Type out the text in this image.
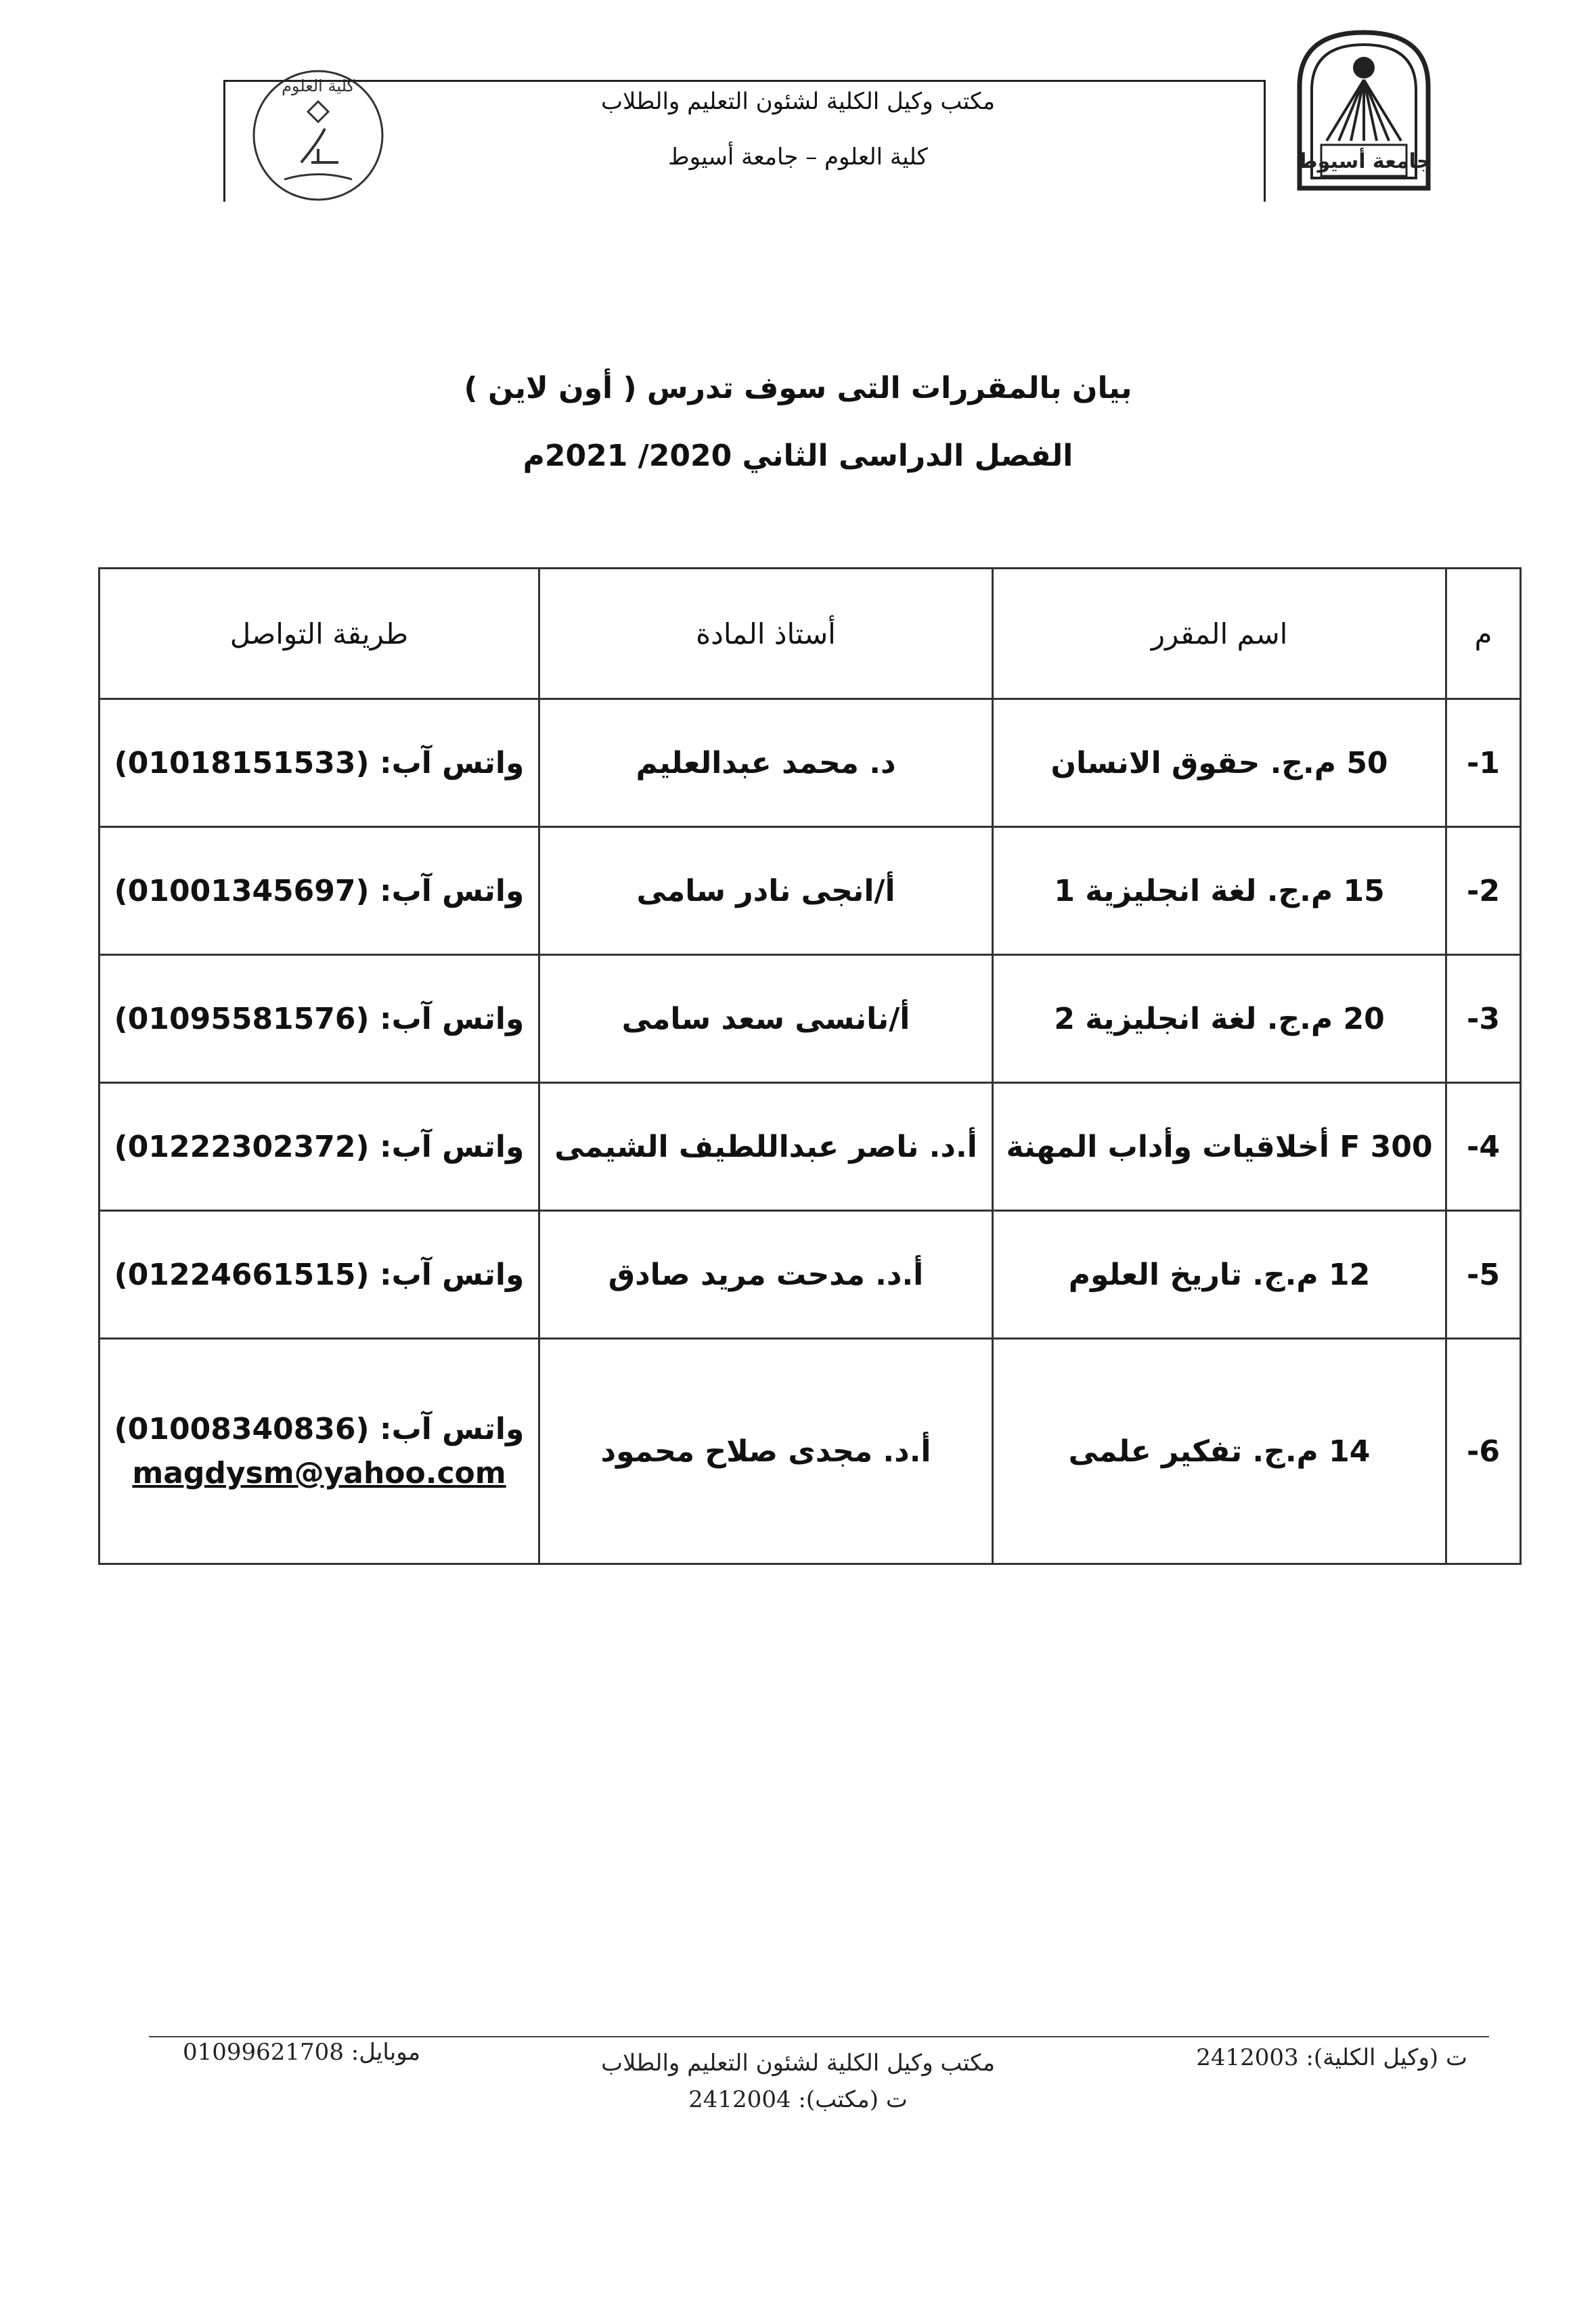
جامعة أسيوط
كلية العلوم
مكتب وكيل الكلية لشئون التعليم والطلاب
كلية العلوم – جامعة أسيوط
بيان بالمقررات التى سوف تدرس ( أون لاين )
الفصل الدراسى الثاني 2020/ 2021م
م	اسم المقرر	أستاذ المادة	طريقة التواصل
1-	50 م.ج. حقوق الانسان	د. محمد عبدالعليم	واتس آب: (01018151533)
2-	15 م.ج. لغة انجليزية 1	أ/انجى نادر سامى	واتس آب: (01001345697)
3-	20 م.ج. لغة انجليزية 2	أ/نانسى سعد سامى	واتس آب: (01095581576)
4-	F 300 أخلاقيات وأداب المهنة	أ.د. ناصر عبداللطيف الشيمى	واتس آب: (01222302372)
5-	12 م.ج. تاريخ العلوم	أ.د. مدحت مريد صادق	واتس آب: (01224661515)
6-	14 م.ج. تفكير علمى	أ.د. مجدى صلاح محمود	واتس آب: (01008340836)
magdysm@yahoo.com
ت (وكيل الكلية): 2412003
مكتب وكيل الكلية لشئون التعليم والطلاب
ت (مكتب): 2412004
موبايل: 01099621708
